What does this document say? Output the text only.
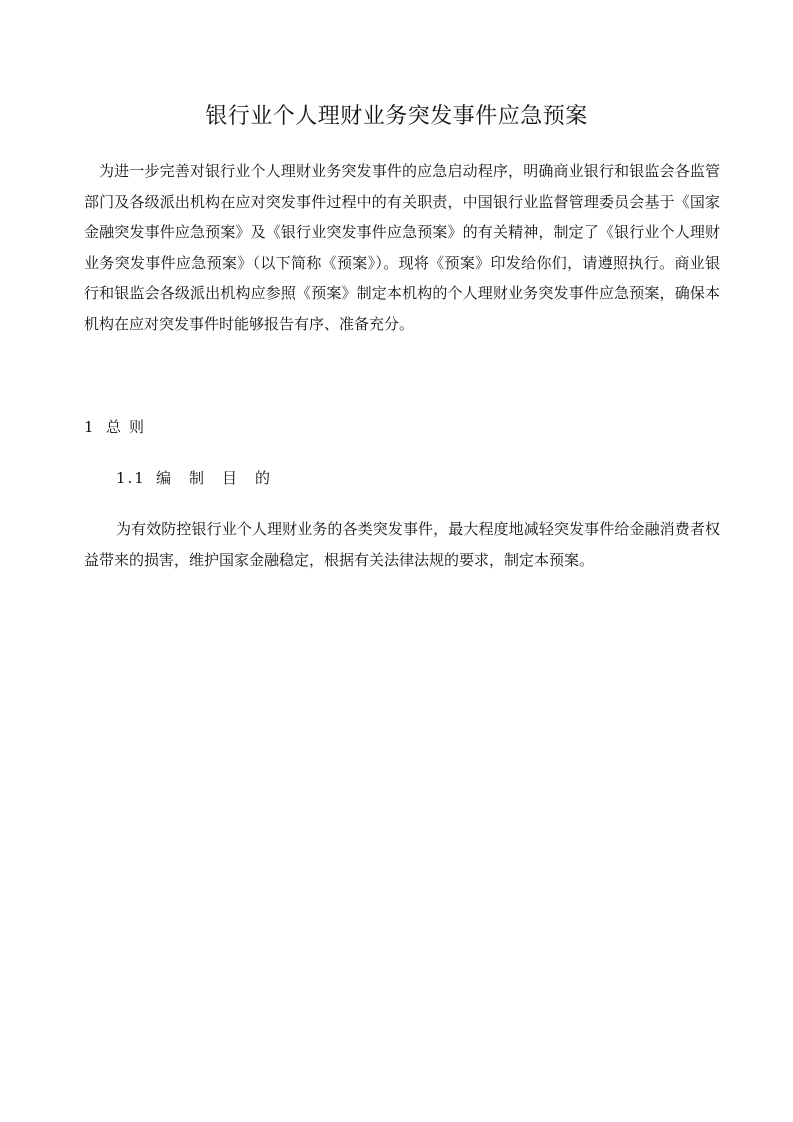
银行业个人理财业务突发事件应急预案

为进一步完善对银行业个人理财业务突发事件的应急启动程序，明确商业银行和银监会各监管部门及各级派出机构在应对突发事件过程中的有关职责，中国银行业监督管理委员会基于《国家金融突发事件应急预案》及《银行业突发事件应急预案》的有关精神，制定了《银行业个人理财业务突发事件应急预案》（以下简称《预案》）。现将《预案》印发给你们，请遵照执行。商业银行和银监会各级派出机构应参照《预案》制定本机构的个人理财业务突发事件应急预案，确保本机构在应对突发事件时能够报告有序、准备充分。

1 总则
1.1 编制目的

为有效防控银行业个人理财业务的各类突发事件，最大程度地减轻突发事件给金融消费者权益带来的损害，维护国家金融稳定，根据有关法律法规的要求，制定本预案。
